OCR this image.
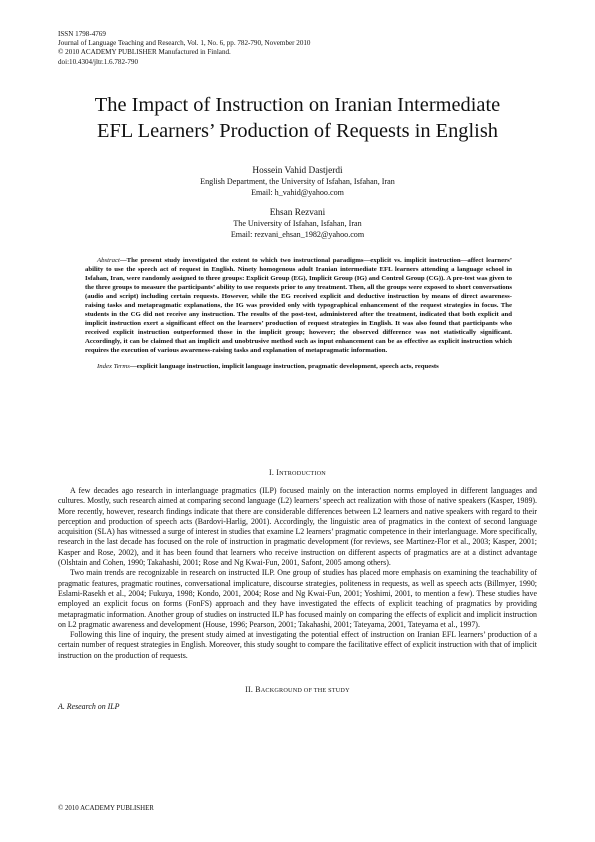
ISSN 1798-4769
Journal of Language Teaching and Research, Vol. 1, No. 6, pp. 782-790, November 2010
© 2010 ACADEMY PUBLISHER Manufactured in Finland.
doi:10.4304/jltr.1.6.782-790
The Impact of Instruction on Iranian Intermediate
EFL Learners’ Production of Requests in English
Hossein Vahid Dastjerdi
English Department, the University of Isfahan, Isfahan, Iran
Email: h_vahid@yahoo.com
Ehsan Rezvani
The University of Isfahan, Isfahan, Iran
Email: rezvani_ehsan_1982@yahoo.com

Abstract—The present study investigated the extent to which two instructional paradigms—explicit vs. implicit instruction—affect learners’ ability to use the speech act of request in English. Ninety homogenous adult Iranian intermediate EFL learners attending a language school in Isfahan, Iran, were randomly assigned to three groups: Explicit Group (EG), Implicit Group (IG) and Control Group (CG)). A pre-test was given to the three groups to measure the participants’ ability to use requests prior to any treatment. Then, all the groups were exposed to short conversations (audio and script) including certain requests. However, while the EG received explicit and deductive instruction by means of direct awareness-raising tasks and metapragmatic explanations, the IG was provided only with typographical enhancement of the request strategies in focus. The students in the CG did not receive any instruction. The results of the post-test, administered after the treatment, indicated that both explicit and implicit instruction exert a significant effect on the learners’ production of request strategies in English. It was also found that participants who received explicit instruction outperformed those in the implicit group; however; the observed difference was not statistically significant. Accordingly, it can be claimed that an implicit and unobtrusive method such as input enhancement can be as effective as explicit instruction which requires the execution of various awareness-raising tasks and explanation of metapragmatic information.

Index Terms—explicit language instruction, implicit language instruction, pragmatic development, speech acts, requests

I. INTRODUCTION

A few decades ago research in interlanguage pragmatics (ILP) focused mainly on the interaction norms employed in different languages and cultures. Mostly, such research aimed at comparing second language (L2) learners’ speech act realization with those of native speakers (Kasper, 1989). More recently, however, research findings indicate that there are considerable differences between L2 learners and native speakers with regard to their perception and production of speech acts (Bardovi-Harlig, 2001). Accordingly, the linguistic area of pragmatics in the context of second language acquisition (SLA) has witnessed a surge of interest in studies that examine L2 learners’ pragmatic competence in their interlanguage. More specifically, research in the last decade has focused on the role of instruction in pragmatic development (for reviews, see Martinez-Flor et al., 2003; Kasper, 2001; Kasper and Rose, 2002), and it has been found that learners who receive instruction on different aspects of pragmatics are at a distinct advantage (Olshtain and Cohen, 1990; Takahashi, 2001; Rose and Ng Kwai-Fun, 2001, Safont, 2005 among others).

Two main trends are recognizable in research on instructed ILP. One group of studies has placed more emphasis on examining the teachability of pragmatic features, pragmatic routines, conversational implicature, discourse strategies, politeness in requests, as well as speech acts (Billmyer, 1990; Eslami-Rasekh et al., 2004; Fukuya, 1998; Kondo, 2001, 2004; Rose and Ng Kwai-Fun, 2001; Yoshimi, 2001, to mention a few). These studies have employed an explicit focus on forms (FonFS) approach and they have investigated the effects of explicit teaching of pragmatics by providing metapragmatic information. Another group of studies on instructed ILP has focused mainly on comparing the effects of explicit and implicit instruction on L2 pragmatic awareness and development (House, 1996; Pearson, 2001; Takahashi, 2001; Tateyama, 2001, Tateyama et al., 1997).

Following this line of inquiry, the present study aimed at investigating the potential effect of instruction on Iranian EFL learners’ production of a certain number of request strategies in English. Moreover, this study sought to compare the facilitative effect of explicit instruction with that of implicit instruction on the production of requests.

II. BACKGROUND OF THE STUDY
A. Research on ILP
© 2010 ACADEMY PUBLISHER
